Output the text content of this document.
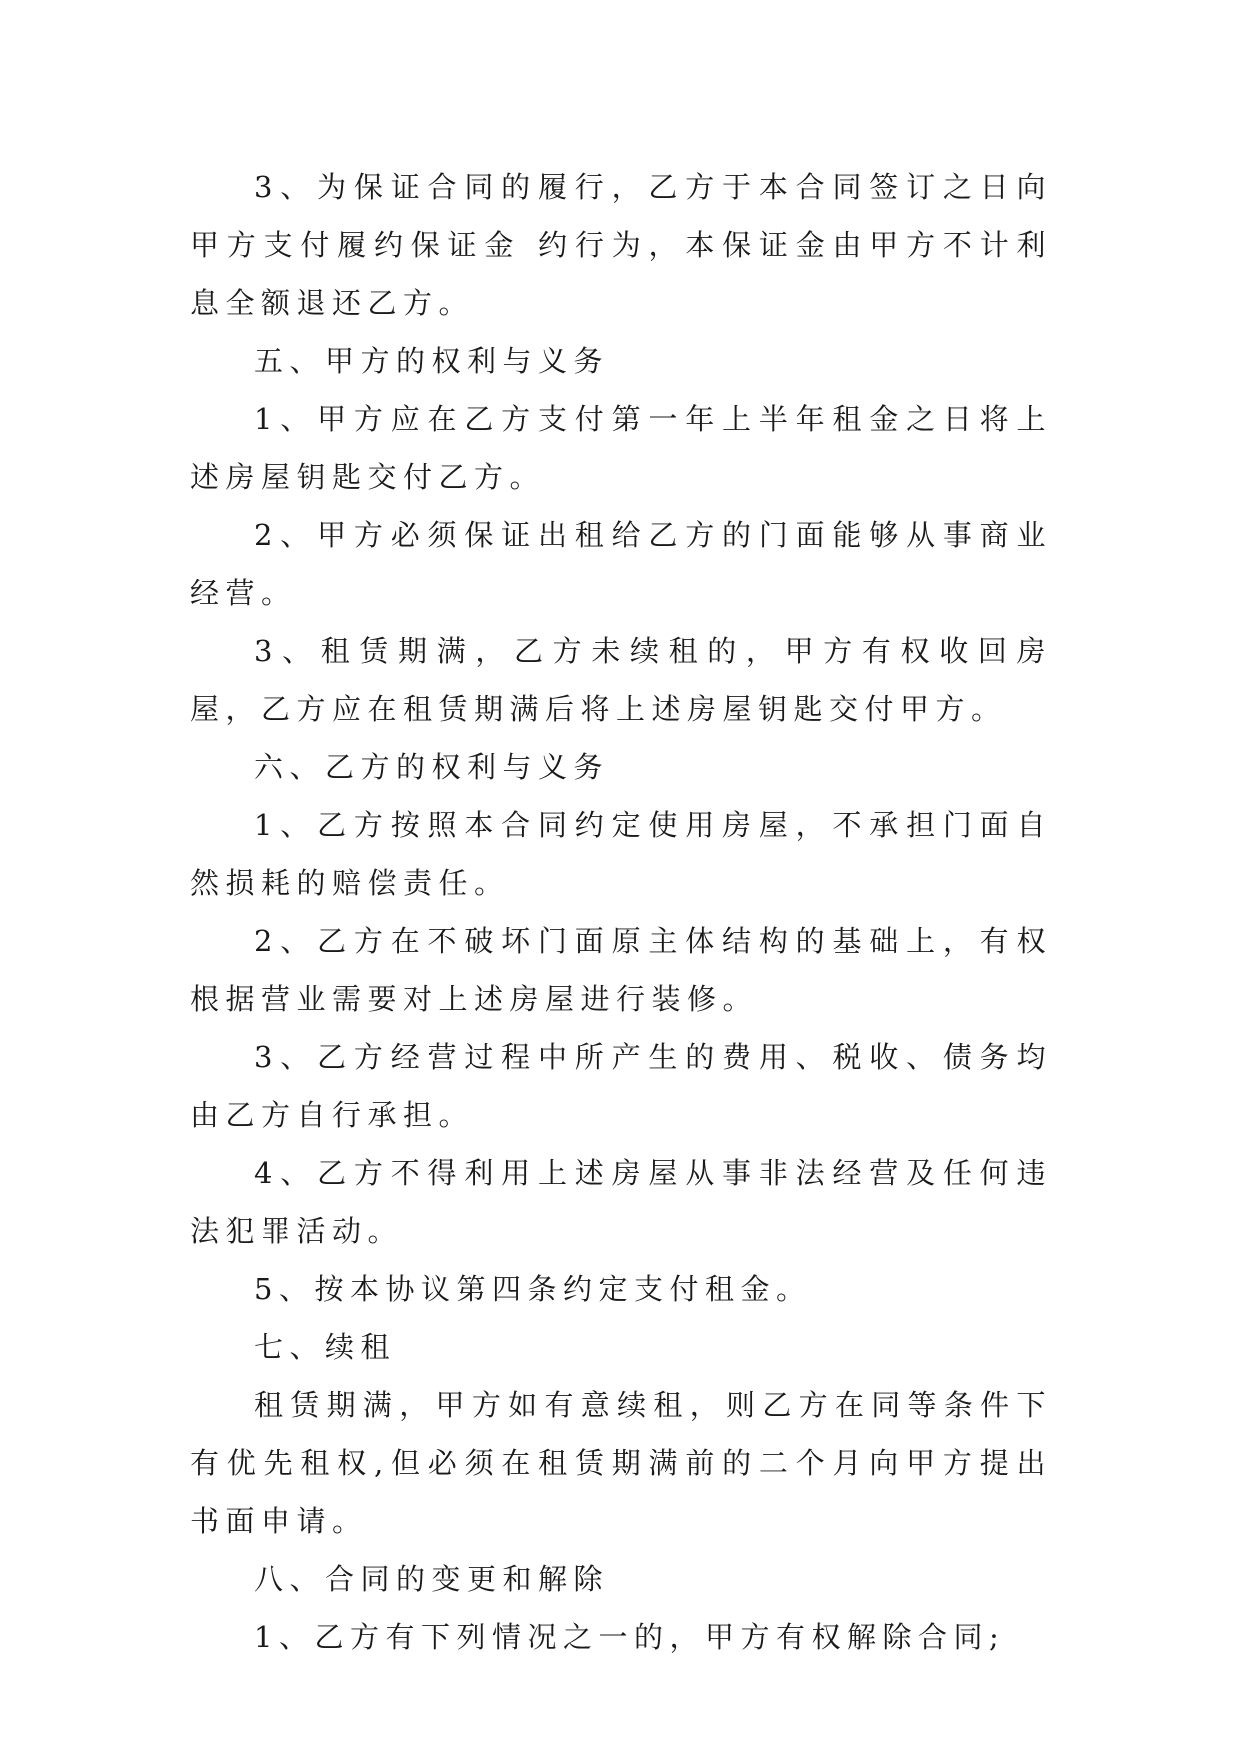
3、为保证合同的履行，乙方于本合同签订之日向甲方支付履约保证金 约行为，本保证金由甲方不计利息全额退还乙方。

五、甲方的权利与义务

1、甲方应在乙方支付第一年上半年租金之日将上述房屋钥匙交付乙方。

2、甲方必须保证出租给乙方的门面能够从事商业经营。

3、租赁期满，乙方未续租的，甲方有权收回房屋，乙方应在租赁期满后将上述房屋钥匙交付甲方。

六、乙方的权利与义务

1、乙方按照本合同约定使用房屋，不承担门面自然损耗的赔偿责任。

2、乙方在不破坏门面原主体结构的基础上，有权根据营业需要对上述房屋进行装修。

3、乙方经营过程中所产生的费用、税收、债务均由乙方自行承担。

4、乙方不得利用上述房屋从事非法经营及任何违法犯罪活动。

5、按本协议第四条约定支付租金。

七、续租

租赁期满，甲方如有意续租，则乙方在同等条件下有优先租权,但必须在租赁期满前的二个月向甲方提出书面申请。

八、合同的变更和解除

1、乙方有下列情况之一的，甲方有权解除合同;
